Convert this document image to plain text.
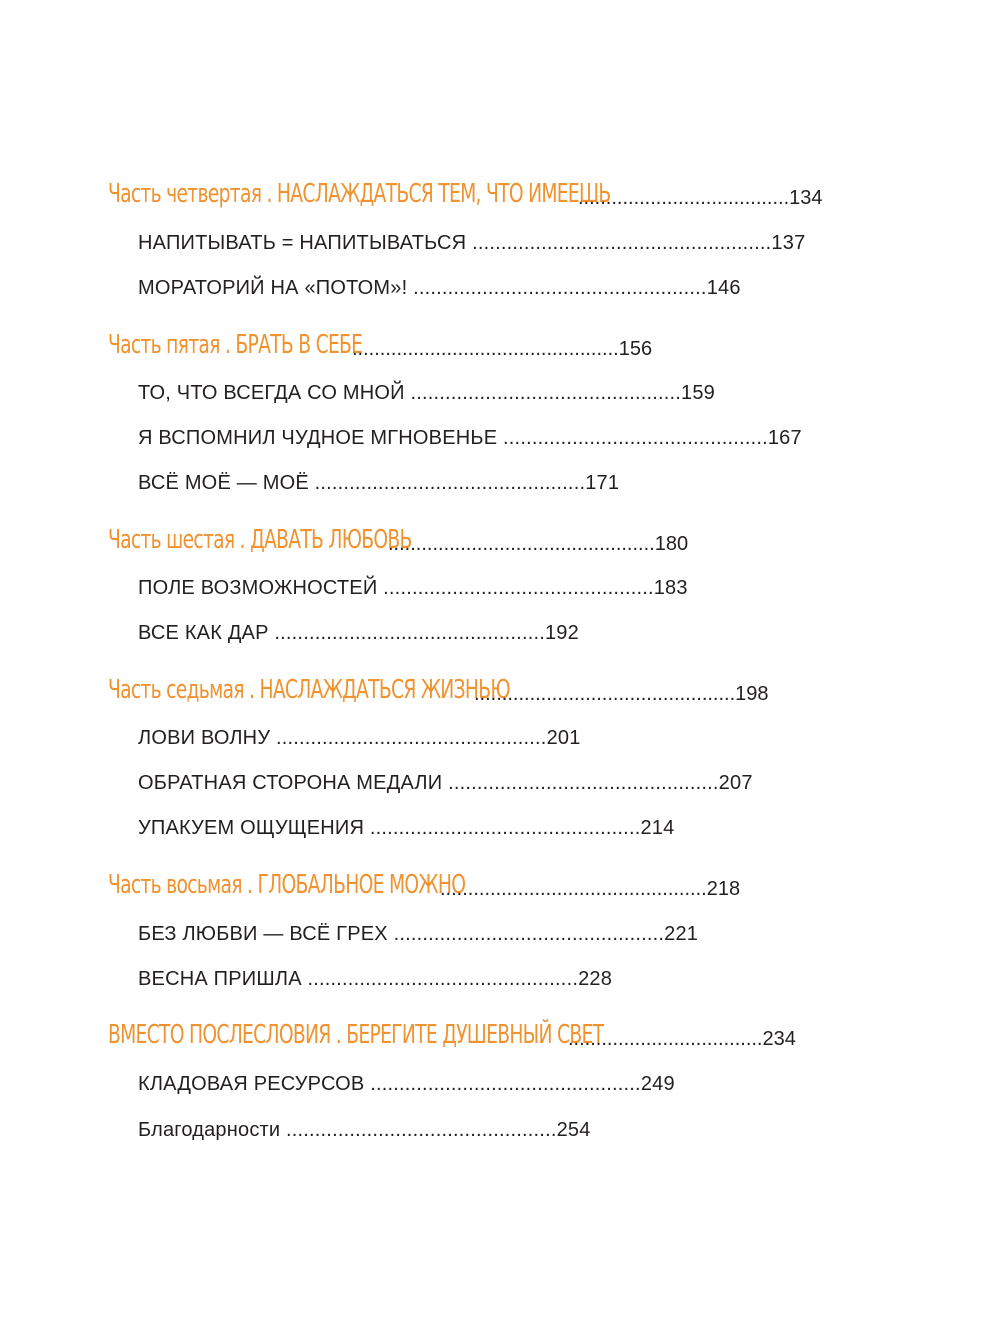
Часть четвертая . НАСЛАЖДАТЬСЯ ТЕМ, ЧТО ИМЕЕШЬ
......................................134
НАПИТЫВАТЬ = НАПИТЫВАТЬСЯ ....................................................137
МОРАТОРИЙ НА «ПОТОМ»! ...................................................146
Часть пятая . БРАТЬ В СЕБЕ
................................................156
ТО, ЧТО ВСЕГДА СО МНОЙ ...............................................159
Я ВСПОМНИЛ ЧУДНОЕ МГНОВЕНЬЕ ..............................................167
ВСЁ МОЁ — МОЁ ...............................................171
Часть шестая . ДАВАТЬ ЛЮБОВЬ
................................................180
ПОЛЕ ВОЗМОЖНОСТЕЙ ...............................................183
ВСЕ КАК ДАР ...............................................192
Часть седьмая . НАСЛАЖДАТЬСЯ ЖИЗНЬЮ
...............................................198
ЛОВИ ВОЛНУ ...............................................201
ОБРАТНАЯ СТОРОНА МЕДАЛИ ...............................................207
УПАКУЕМ ОЩУЩЕНИЯ ...............................................214
Часть восьмая . ГЛОБАЛЬНОЕ МОЖНО
................................................218
БЕЗ ЛЮБВИ — ВСЁ ГРЕХ ...............................................221
ВЕСНА ПРИШЛА ...............................................228
ВМЕСТО ПОСЛЕСЛОВИЯ . БЕРЕГИТЕ ДУШЕВНЫЙ СВЕТ
...................................234
КЛАДОВАЯ РЕСУРСОВ ...............................................249
Благодарности ...............................................254
